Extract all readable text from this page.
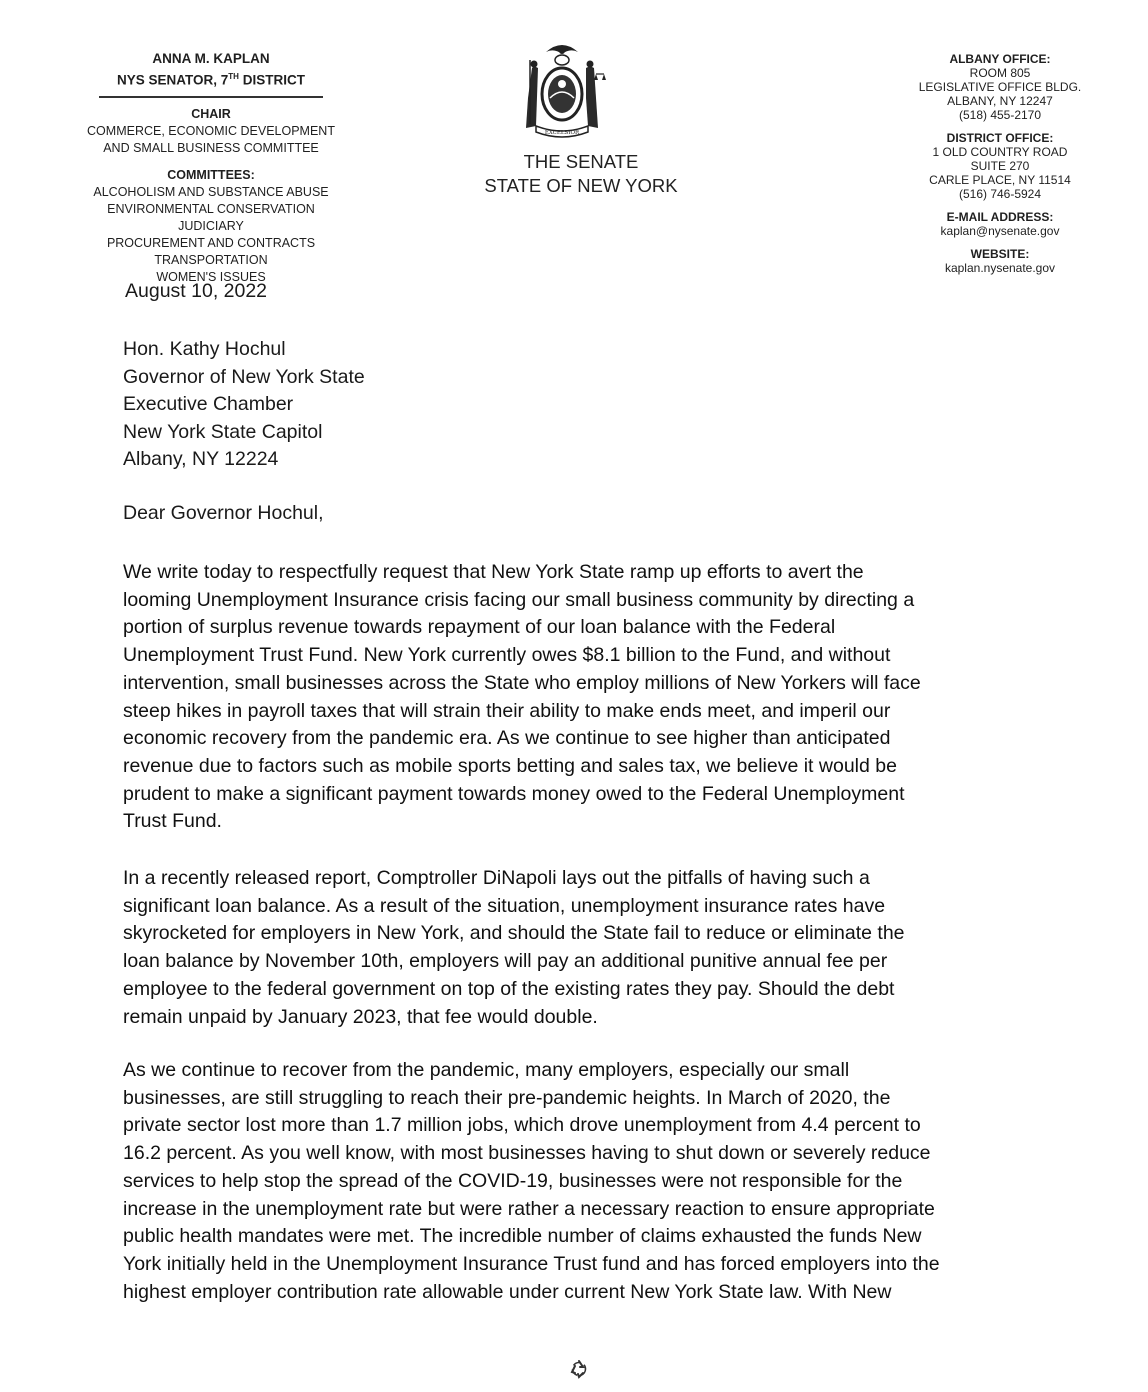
ANNA M. KAPLAN
NYS SENATOR, 7TH DISTRICT
CHAIR
COMMERCE, ECONOMIC DEVELOPMENT
AND SMALL BUSINESS COMMITTEE
COMMITTEES:
ALCOHOLISM AND SUBSTANCE ABUSE
ENVIRONMENTAL CONSERVATION
JUDICIARY
PROCUREMENT AND CONTRACTS
TRANSPORTATION
WOMEN'S ISSUES
EXCELSIOR
THE SENATE
STATE OF NEW YORK
ALBANY OFFICE:
ROOM 805
LEGISLATIVE OFFICE BLDG.
ALBANY, NY 12247
(518) 455-2170
DISTRICT OFFICE:
1 OLD COUNTRY ROAD
SUITE 270
CARLE PLACE, NY 11514
(516) 746-5924
E-MAIL ADDRESS:
kaplan@nysenate.gov
WEBSITE:
kaplan.nysenate.gov
August 10, 2022
Hon. Kathy Hochul
Governor of New York State
Executive Chamber
New York State Capitol
Albany, NY 12224
Dear Governor Hochul,
We write today to respectfully request that New York State ramp up efforts to avert the
looming Unemployment Insurance crisis facing our small business community by directing a
portion of surplus revenue towards repayment of our loan balance with the Federal
Unemployment Trust Fund. New York currently owes $8.1 billion to the Fund, and without
intervention, small businesses across the State who employ millions of New Yorkers will face
steep hikes in payroll taxes that will strain their ability to make ends meet, and imperil our
economic recovery from the pandemic era. As we continue to see higher than anticipated
revenue due to factors such as mobile sports betting and sales tax, we believe it would be
prudent to make a significant payment towards money owed to the Federal Unemployment
Trust Fund.
In a recently released report, Comptroller DiNapoli lays out the pitfalls of having such a
significant loan balance. As a result of the situation, unemployment insurance rates have
skyrocketed for employers in New York, and should the State fail to reduce or eliminate the
loan balance by November 10th, employers will pay an additional punitive annual fee per
employee to the federal government on top of the existing rates they pay. Should the debt
remain unpaid by January 2023, that fee would double.
As we continue to recover from the pandemic, many employers, especially our small
businesses, are still struggling to reach their pre-pandemic heights. In March of 2020, the
private sector lost more than 1.7 million jobs, which drove unemployment from 4.4 percent to
16.2 percent. As you well know, with most businesses having to shut down or severely reduce
services to help stop the spread of the COVID-19, businesses were not responsible for the
increase in the unemployment rate but were rather a necessary reaction to ensure appropriate
public health mandates were met. The incredible number of claims exhausted the funds New
York initially held in the Unemployment Insurance Trust fund and has forced employers into the
highest employer contribution rate allowable under current New York State law. With New
